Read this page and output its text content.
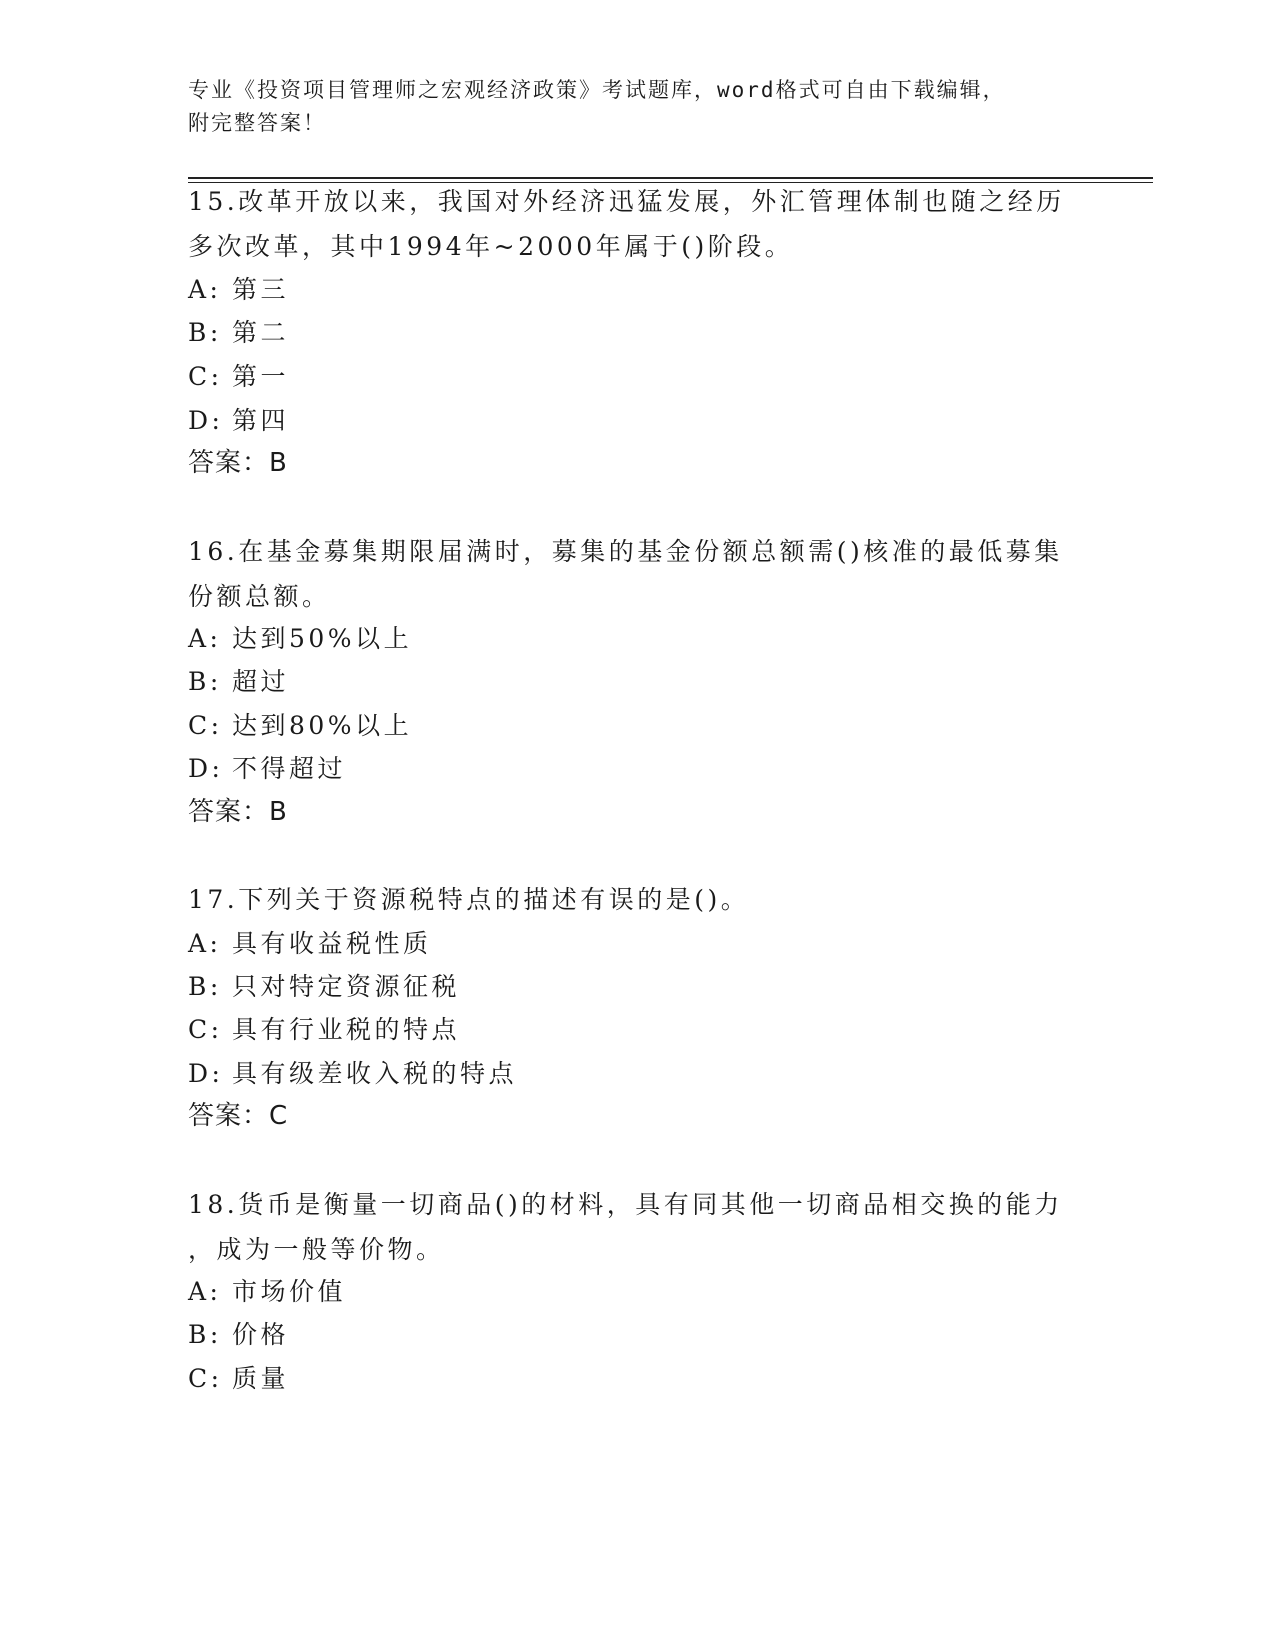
专业《投资项目管理师之宏观经济政策》考试题库，word格式可自由下载编辑，
附完整答案！
15.改革开放以来，我国对外经济迅猛发展，外汇管理体制也随之经历
多次改革，其中1994年~2000年属于()阶段。
A: 第三
B: 第二
C: 第一
D: 第四
答案：B
16.在基金募集期限届满时，募集的基金份额总额需()核准的最低募集
份额总额。
A: 达到50%以上
B: 超过
C: 达到80%以上
D: 不得超过
答案：B
17.下列关于资源税特点的描述有误的是()。
A: 具有收益税性质
B: 只对特定资源征税
C: 具有行业税的特点
D: 具有级差收入税的特点
答案：C
18.货币是衡量一切商品()的材料，具有同其他一切商品相交换的能力
，成为一般等价物。
A: 市场价值
B: 价格
C: 质量
